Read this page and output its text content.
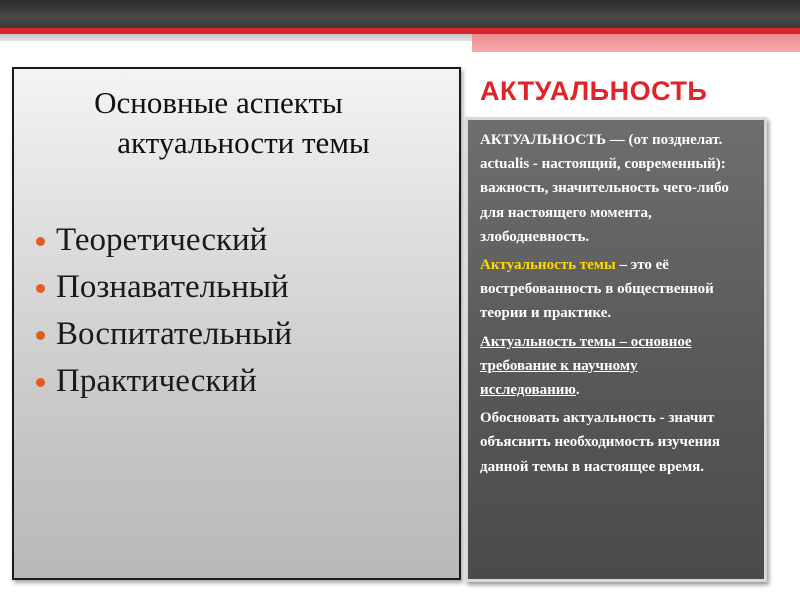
Основные аспекты
актуальности темы
Теоретический
Познавательный
Воспитательный
Практический
АКТУАЛЬНОСТЬ

АКТУАЛЬНОСТЬ — (от позднелат. actualis - настоящий, современный): важность, значительность чего-либо для настоящего момента, злободневность.

Актуальность темы – это её востребованность в общественной теории и практике.

Актуальность темы – основное требование к научному исследованию.

Обосновать актуальность - значит объяснить необходимость изучения данной темы в настоящее время.
